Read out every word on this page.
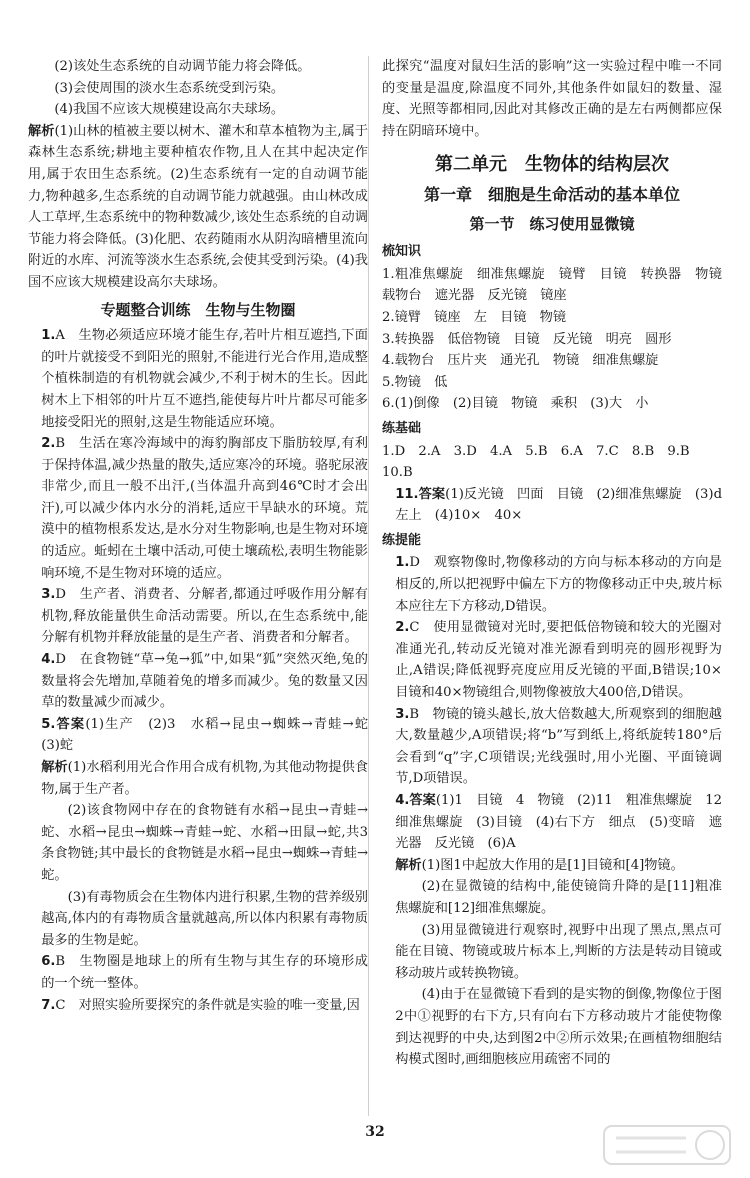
(2)该处生态系统的自动调节能力将会降低。

(3)会使周围的淡水生态系统受到污染。

(4)我国不应该大规模建设高尔夫球场。

解析(1)山林的植被主要以树木、灌木和草本植物为主,属于森林生态系统;耕地主要种植农作物,且人在其中起决定作用,属于农田生态系统。(2)生态系统有一定的自动调节能力,物种越多,生态系统的自动调节能力就越强。由山林改成人工草坪,生态系统中的物种数减少,该处生态系统的自动调节能力将会降低。(3)化肥、农药随雨水从阴沟暗槽里流向附近的水库、河流等淡水生态系统,会使其受到污染。(4)我国不应该大规模建设高尔夫球场。

专题整合训练　生物与生物圈

1.A　生物必须适应环境才能生存,若叶片相互遮挡,下面的叶片就接受不到阳光的照射,不能进行光合作用,造成整个植株制造的有机物就会减少,不利于树木的生长。因此树木上下相邻的叶片互不遮挡,能使每片叶片都尽可能多地接受阳光的照射,这是生物能适应环境。

2.B　生活在寒冷海域中的海豹胸部皮下脂肪较厚,有利于保持体温,减少热量的散失,适应寒冷的环境。骆驼尿液非常少,而且一般不出汗,(当体温升高到46℃时才会出汗),可以减少体内水分的消耗,适应干旱缺水的环境。荒漠中的植物根系发达,是水分对生物影响,也是生物对环境的适应。蚯蚓在土壤中活动,可使土壤疏松,表明生物能影响环境,不是生物对环境的适应。

3.D　生产者、消费者、分解者,都通过呼吸作用分解有机物,释放能量供生命活动需要。所以,在生态系统中,能分解有机物并释放能量的是生产者、消费者和分解者。

4.D　在食物链“草→兔→狐”中,如果“狐”突然灭绝,兔的数量将会先增加,草随着兔的增多而减少。兔的数量又因草的数量减少而减少。

5.答案(1)生产　(2)3　水稻→昆虫→蜘蛛→青蛙→蛇　(3)蛇

解析(1)水稻利用光合作用合成有机物,为其他动物提供食物,属于生产者。

(2)该食物网中存在的食物链有水稻→昆虫→青蛙→蛇、水稻→昆虫→蜘蛛→青蛙→蛇、水稻→田鼠→蛇,共3条食物链;其中最长的食物链是水稻→昆虫→蜘蛛→青蛙→蛇。

(3)有毒物质会在生物体内进行积累,生物的营养级别越高,体内的有毒物质含量就越高,所以体内积累有毒物质最多的生物是蛇。

6.B　生物圈是地球上的所有生物与其生存的环境形成的一个统一整体。

7.C　对照实验所要探究的条件就是实验的唯一变量,因

此探究“温度对鼠妇生活的影响”这一实验过程中唯一不同的变量是温度,除温度不同外,其他条件如鼠妇的数量、湿度、光照等都相同,因此对其修改正确的是左右两侧都应保持在阴暗环境中。

第二单元　生物体的结构层次
第一章　细胞是生命活动的基本单位
第一节　练习使用显微镜
梳知识

1.粗准焦螺旋　细准焦螺旋　镜臂　目镜　转换器　物镜　载物台　遮光器　反光镜　镜座

2.镜臂　镜座　左　目镜　物镜

3.转换器　低倍物镜　目镜　反光镜　明亮　圆形

4.载物台　压片夹　通光孔　物镜　细准焦螺旋

5.物镜　低

6.(1)倒像　(2)目镜　物镜　乘积　(3)大　小

练基础

1.D　2.A　3.D　4.A　5.B　6.A　7.C　8.B　9.B

10.B

11.答案(1)反光镜　凹面　目镜　(2)细准焦螺旋　(3)d　左上　(4)10×　40×

练提能

1.D　观察物像时,物像移动的方向与标本移动的方向是相反的,所以把视野中偏左下方的物像移动正中央,玻片标本应往左下方移动,D错误。

2.C　使用显微镜对光时,要把低倍物镜和较大的光圈对准通光孔,转动反光镜对准光源看到明亮的圆形视野为止,A错误;降低视野亮度应用反光镜的平面,B错误;10×目镜和40×物镜组合,则物像被放大400倍,D错误。

3.B　物镜的镜头越长,放大倍数越大,所观察到的细胞越大,数量越少,A项错误;将“b”写到纸上,将纸旋转180°后会看到“q”字,C项错误;光线强时,用小光圈、平面镜调节,D项错误。

4.答案(1)1　目镜　4　物镜　(2)11　粗准焦螺旋　12　细准焦螺旋　(3)目镜　(4)右下方　细点　(5)变暗　遮光器　反光镜　(6)A

解析(1)图1中起放大作用的是[1]目镜和[4]物镜。

(2)在显微镜的结构中,能使镜筒升降的是[11]粗准焦螺旋和[12]细准焦螺旋。

(3)用显微镜进行观察时,视野中出现了黑点,黑点可能在目镜、物镜或玻片标本上,判断的方法是转动目镜或移动玻片或转换物镜。

(4)由于在显微镜下看到的是实物的倒像,物像位于图2中①视野的右下方,只有向右下方移动玻片才能使物像到达视野的中央,达到图2中②所示效果;在画植物细胞结构模式图时,画细胞核应用疏密不同的

32
